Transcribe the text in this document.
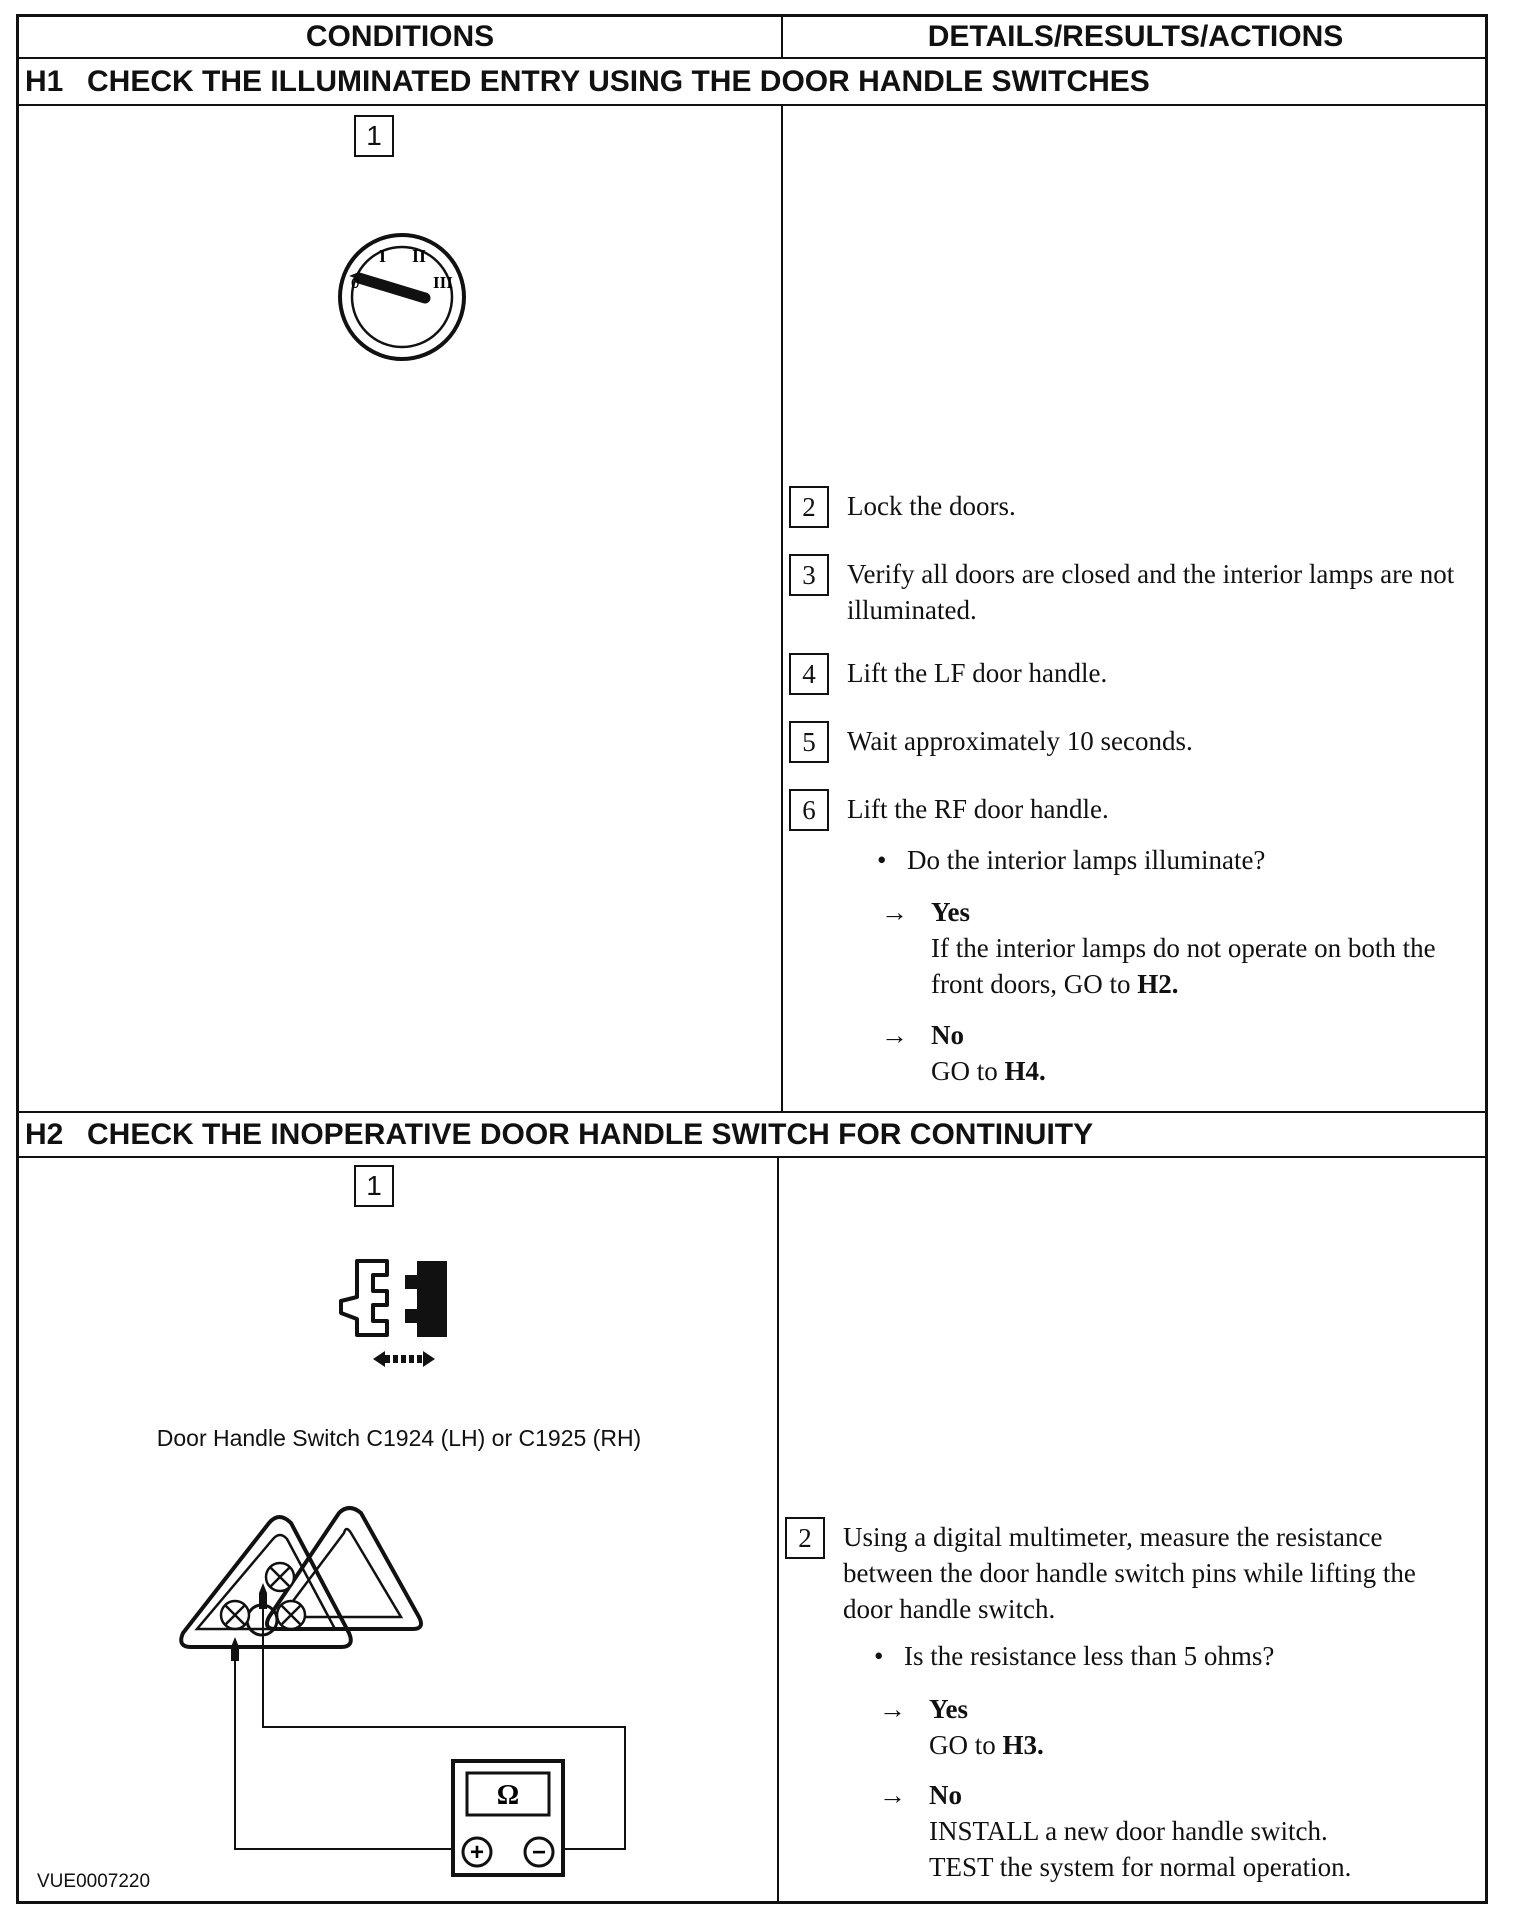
CONDITIONS	DETAILS/RESULTS/ACTIONS
H1 CHECK THE ILLUMINATED ENTRY USING THE DOOR HANDLE SWITCHES
1
0
I II
III
2	Lock the doors.
3	Verify all doors are closed and the interior lamps are not illuminated.
4	Lift the LF door handle.
5	Wait approximately 10 seconds.
6	Lift the RF door handle.
• Do the interior lamps illuminate?
→ Yes
If the interior lamps do not operate on both the front doors, GO to H2.
→ No
GO to H4.
H2 CHECK THE INOPERATIVE DOOR HANDLE SWITCH FOR CONTINUITY
1
Door Handle Switch C1924 (LH) or C1925 (RH)
Ω
+ −
VUE0007220
2	Using a digital multimeter, measure the resistance between the door handle switch pins while lifting the door handle switch.
• Is the resistance less than 5 ohms?
→ Yes
GO to H3.
→ No
INSTALL a new door handle switch.
TEST the system for normal operation.
